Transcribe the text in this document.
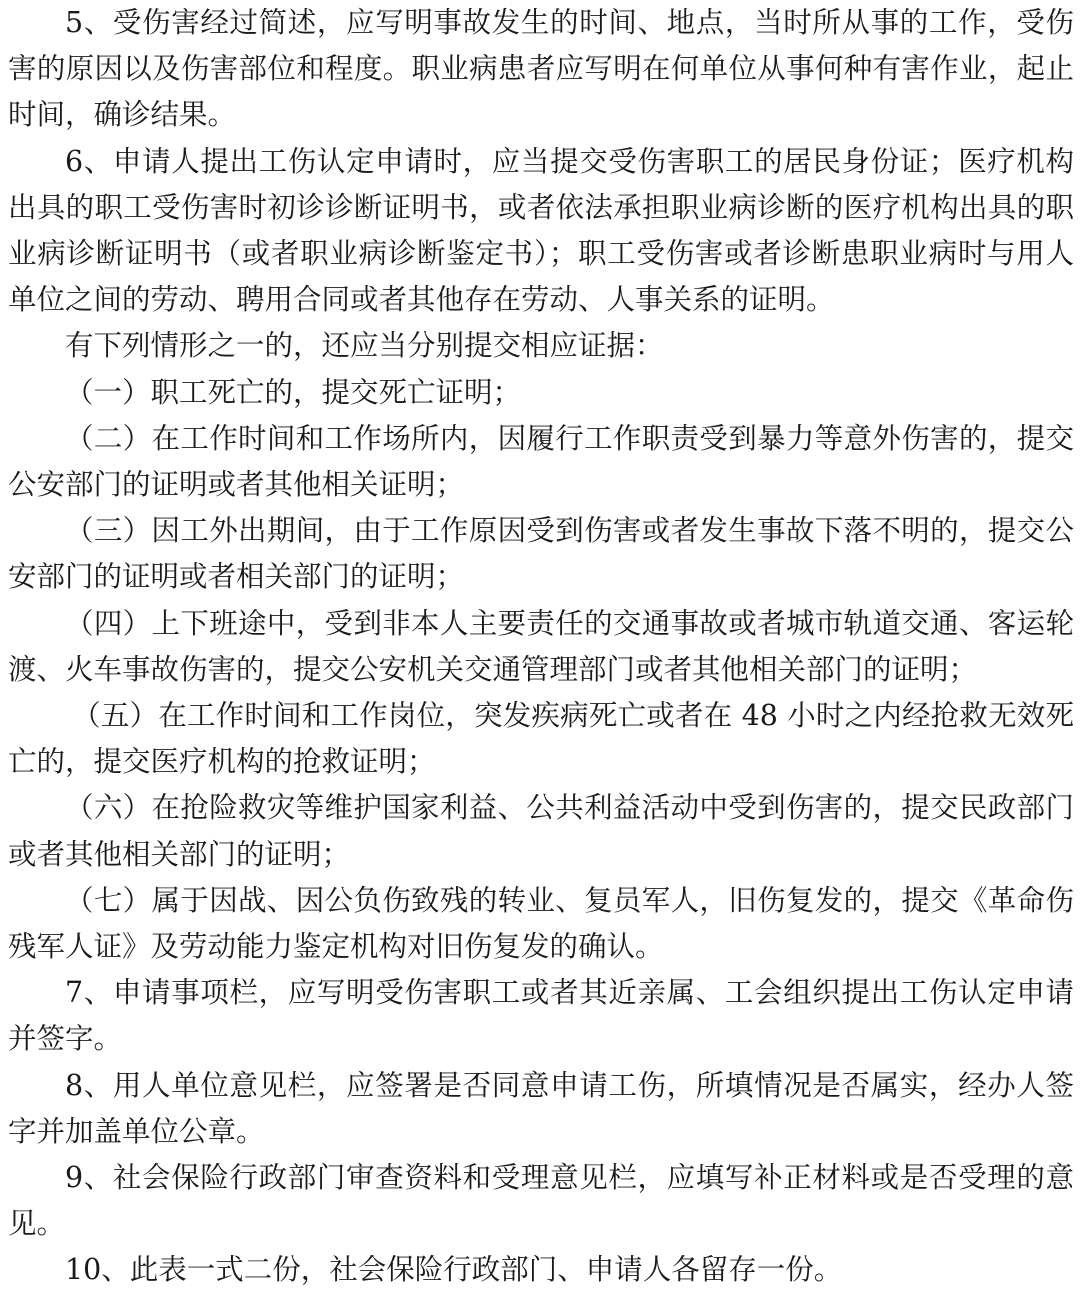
5、受伤害经过简述，应写明事故发生的时间、地点，当时所从事的工作，受伤害的原因以及伤害部位和程度。职业病患者应写明在何单位从事何种有害作业，起止时间，确诊结果。

6、申请人提出工伤认定申请时，应当提交受伤害职工的居民身份证；医疗机构出具的职工受伤害时初诊诊断证明书，或者依法承担职业病诊断的医疗机构出具的职业病诊断证明书（或者职业病诊断鉴定书）；职工受伤害或者诊断患职业病时与用人单位之间的劳动、聘用合同或者其他存在劳动、人事关系的证明。

有下列情形之一的，还应当分别提交相应证据：

（一）职工死亡的，提交死亡证明；

（二）在工作时间和工作场所内，因履行工作职责受到暴力等意外伤害的，提交公安部门的证明或者其他相关证明；

（三）因工外出期间，由于工作原因受到伤害或者发生事故下落不明的，提交公安部门的证明或者相关部门的证明；

（四）上下班途中，受到非本人主要责任的交通事故或者城市轨道交通、客运轮渡、火车事故伤害的，提交公安机关交通管理部门或者其他相关部门的证明；

（五）在工作时间和工作岗位，突发疾病死亡或者在 48 小时之内经抢救无效死亡的，提交医疗机构的抢救证明；

（六）在抢险救灾等维护国家利益、公共利益活动中受到伤害的，提交民政部门或者其他相关部门的证明；

（七）属于因战、因公负伤致残的转业、复员军人，旧伤复发的，提交《革命伤残军人证》及劳动能力鉴定机构对旧伤复发的确认。

7、申请事项栏，应写明受伤害职工或者其近亲属、工会组织提出工伤认定申请并签字。

8、用人单位意见栏，应签署是否同意申请工伤，所填情况是否属实，经办人签字并加盖单位公章。

9、社会保险行政部门审查资料和受理意见栏，应填写补正材料或是否受理的意见。

10、此表一式二份，社会保险行政部门、申请人各留存一份。
